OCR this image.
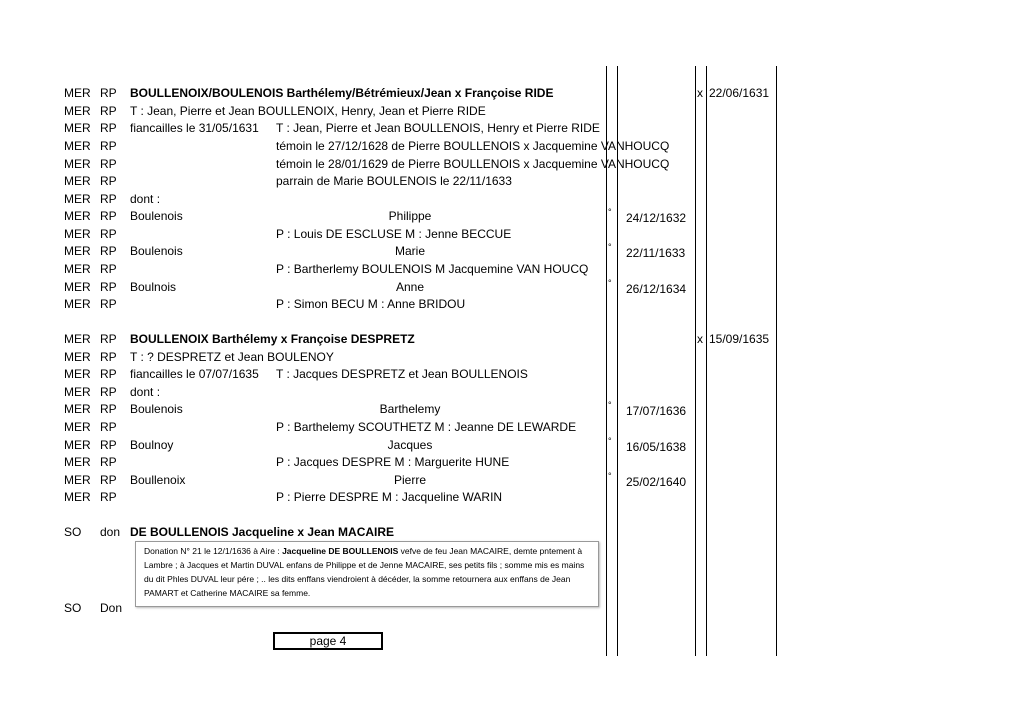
MER RP BOULLENOIX/BOULENOIS Barthélemy/Bétrémieux/Jean x Françoise RIDE	x 22/06/1631
MER RP T : Jean, Pierre et Jean BOULLENOIX, Henry, Jean et Pierre RIDE
MER RP fiancailles le 31/05/1631 T : Jean, Pierre et Jean BOULLENOIS, Henry et Pierre RIDE
MER RP	témoin le 27/12/1628 de Pierre BOULLENOIS x Jacquemine VANHOUCQ
MER RP	témoin le 28/01/1629 de Pierre BOULLENOIS x Jacquemine VANHOUCQ
MER RP	parrain de Marie BOULENOIS le 22/11/1633
MER RP dont :
MER RP Boulenois	Philippe	° 24/12/1632
MER RP	P : Louis DE ESCLUSE M : Jenne BECCUE
MER RP Boulenois	Marie	° 22/11/1633
MER RP	P : Bartherlemy BOULENOIS M Jacquemine VAN HOUCQ
MER RP Boulnois	Anne	° 26/12/1634
MER RP	P : Simon BECU M : Anne BRIDOU
MER RP BOULLENOIX Barthélemy x Françoise DESPRETZ	x 15/09/1635
MER RP T : ? DESPRETZ et Jean BOULENOY
MER RP fiancailles le 07/07/1635 T : Jacques DESPRETZ et Jean BOULLENOIS
MER RP dont :
MER RP Boulenois	Barthelemy	° 17/07/1636
MER RP	P : Barthelemy SCOUTHETZ M : Jeanne DE LEWARDE
MER RP Boulnoy	Jacques	° 16/05/1638
MER RP	P : Jacques DESPRE M : Marguerite HUNE
MER RP Boullenoix	Pierre	° 25/02/1640
MER RP	P : Pierre DESPRE M : Jacqueline WARIN
SO don DE BOULLENOIS Jacqueline x Jean MACAIRE
SO Don
Donation N° 21 le 12/1/1636 à Aire : Jacqueline DE BOULLENOIS vefve de feu Jean MACAIRE, demte pntement à Lambre ; à Jacques et Martin DUVAL enfans de Philippe et de Jenne MACAIRE, ses petits fils ; somme mis es mains du dit Phles DUVAL leur pére ; .. les dits enffans viendroient à décéder, la somme retournera aux enffans de Jean PAMART et Catherine MACAIRE sa femme.
page 4
